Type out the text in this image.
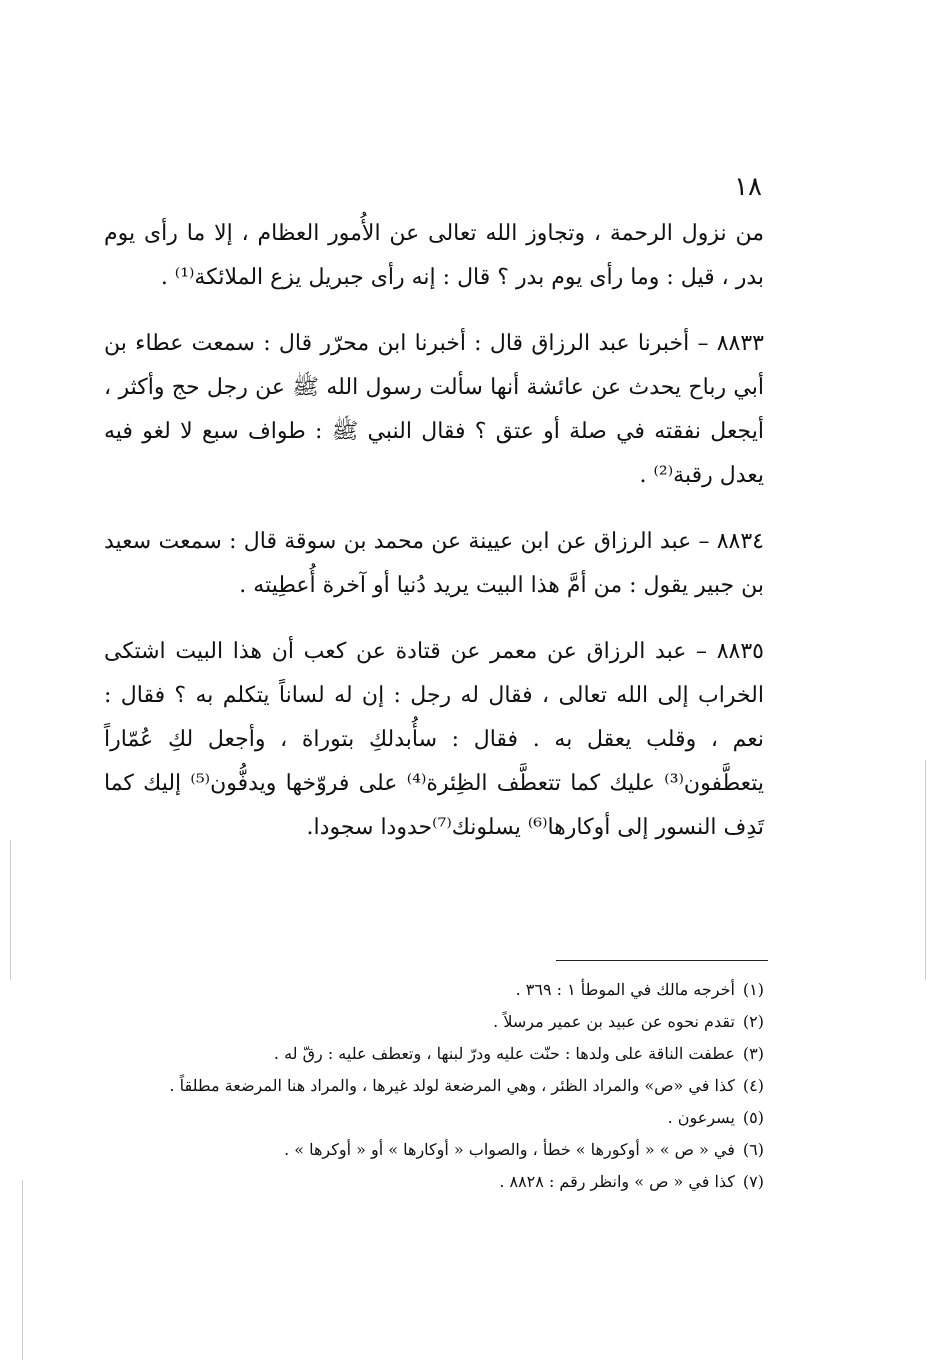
١٨

من نزول الرحمة ، وتجاوز الله تعالى عن الأُمور العظام ، إلا ما رأى يوم بدر ، قيل : وما رأى يوم بدر ؟ قال : إنه رأى جبريل يزع الملائكة⁽¹⁾ .

٨٨٣٣ – أخبرنا عبد الرزاق قال : أخبرنا ابن محرّر قال : سمعت عطاء بن أبي رباح يحدث عن عائشة أنها سألت رسول الله ﷺ عن رجل حج وأكثر ، أيجعل نفقته في صلة أو عتق ؟ فقال النبي ﷺ : طواف سبع لا لغو فيه يعدل رقبة⁽²⁾ .

٨٨٣٤ – عبد الرزاق عن ابن عيينة عن محمد بن سوقة قال : سمعت سعيد بن جبير يقول : من أمَّ هذا البيت يريد دُنيا أو آخرة أُعطِيته .

٨٨٣٥ – عبد الرزاق عن معمر عن قتادة عن كعب أن هذا البيت اشتكى الخراب إلى الله تعالى ، فقال له رجل : إن له لساناً يتكلم به ؟ فقال : نعم ، وقلب يعقل به . فقال : سأُبدلكِ بتوراة ، وأجعل لكِ عُمّاراً يتعطَّفون⁽³⁾ عليك كما تتعطَّف الظِئرة⁽⁴⁾ على فروّخها ويدفُّون⁽⁵⁾ إليك كما تَدِف النسور إلى أوكارها⁽⁶⁾ يسلونك⁽⁷⁾حدودا سجودا.

(١)أخرجه مالك في الموطأ ١ : ٣٦٩ .

(٢)تقدم نحوه عن عبيد بن عمير مرسلاً .

(٣)عطفت الناقة على ولدها : حنّت عليه ودرّ لبنها ، وتعطف عليه : رقّ له .

(٤)كذا في «ص» والمراد الظئر ، وهي المرضعة لولد غيرها ، والمراد هنا المرضعة مطلقاً .

(٥)يسرعون .

(٦)في « ص » « أوكورها » خطأ ، والصواب « أوكارها » أو « أوكرها » .

(٧)كذا في « ص » وانظر رقم : ٨٨٢٨ .
